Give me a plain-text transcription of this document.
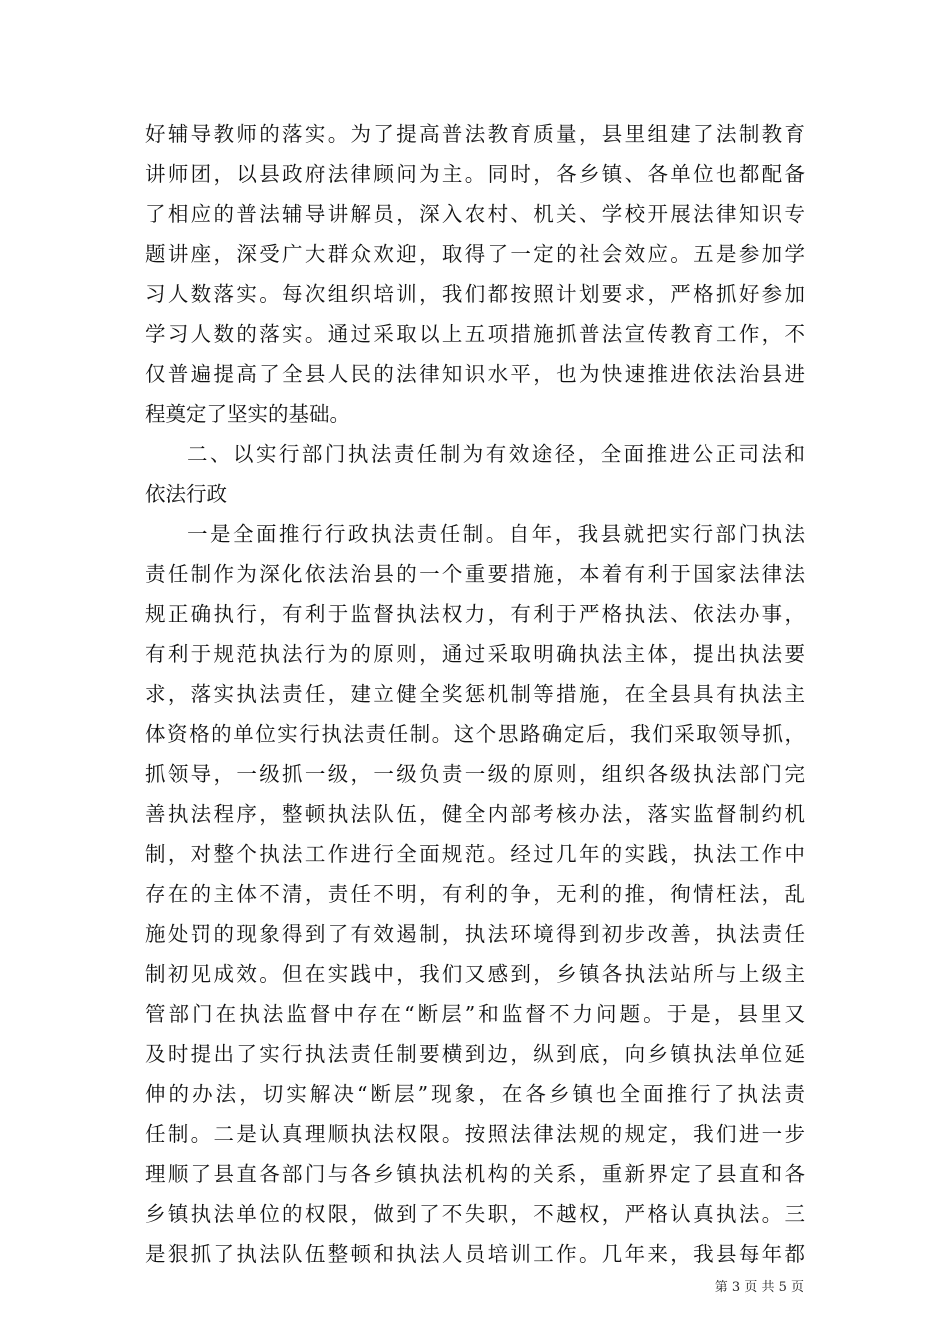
好辅导教师的落实。为了提高普法教育质量，县里组建了法制教育
讲师团，以县政府法律顾问为主。同时，各乡镇、各单位也都配备
了相应的普法辅导讲解员，深入农村、机关、学校开展法律知识专
题讲座，深受广大群众欢迎，取得了一定的社会效应。五是参加学
习人数落实。每次组织培训，我们都按照计划要求，严格抓好参加
学习人数的落实。通过采取以上五项措施抓普法宣传教育工作，不
仅普遍提高了全县人民的法律知识水平，也为快速推进依法治县进
程奠定了坚实的基础。
二、以实行部门执法责任制为有效途径，全面推进公正司法和
依法行政
一是全面推行行政执法责任制。自年，我县就把实行部门执法
责任制作为深化依法治县的一个重要措施，本着有利于国家法律法
规正确执行，有利于监督执法权力，有利于严格执法、依法办事，
有利于规范执法行为的原则，通过采取明确执法主体，提出执法要
求，落实执法责任，建立健全奖惩机制等措施，在全县具有执法主
体资格的单位实行执法责任制。这个思路确定后，我们采取领导抓，
抓领导，一级抓一级，一级负责一级的原则，组织各级执法部门完
善执法程序，整顿执法队伍，健全内部考核办法，落实监督制约机
制，对整个执法工作进行全面规范。经过几年的实践，执法工作中
存在的主体不清，责任不明，有利的争，无利的推，徇情枉法，乱
施处罚的现象得到了有效遏制，执法环境得到初步改善，执法责任
制初见成效。但在实践中，我们又感到，乡镇各执法站所与上级主
管部门在执法监督中存在“断层”和监督不力问题。于是，县里又
及时提出了实行执法责任制要横到边，纵到底，向乡镇执法单位延
伸的办法，切实解决“断层”现象，在各乡镇也全面推行了执法责
任制。二是认真理顺执法权限。按照法律法规的规定，我们进一步
理顺了县直各部门与各乡镇执法机构的关系，重新界定了县直和各
乡镇执法单位的权限，做到了不失职，不越权，严格认真执法。三
是狠抓了执法队伍整顿和执法人员培训工作。几年来，我县每年都
第 3 页 共 5 页
